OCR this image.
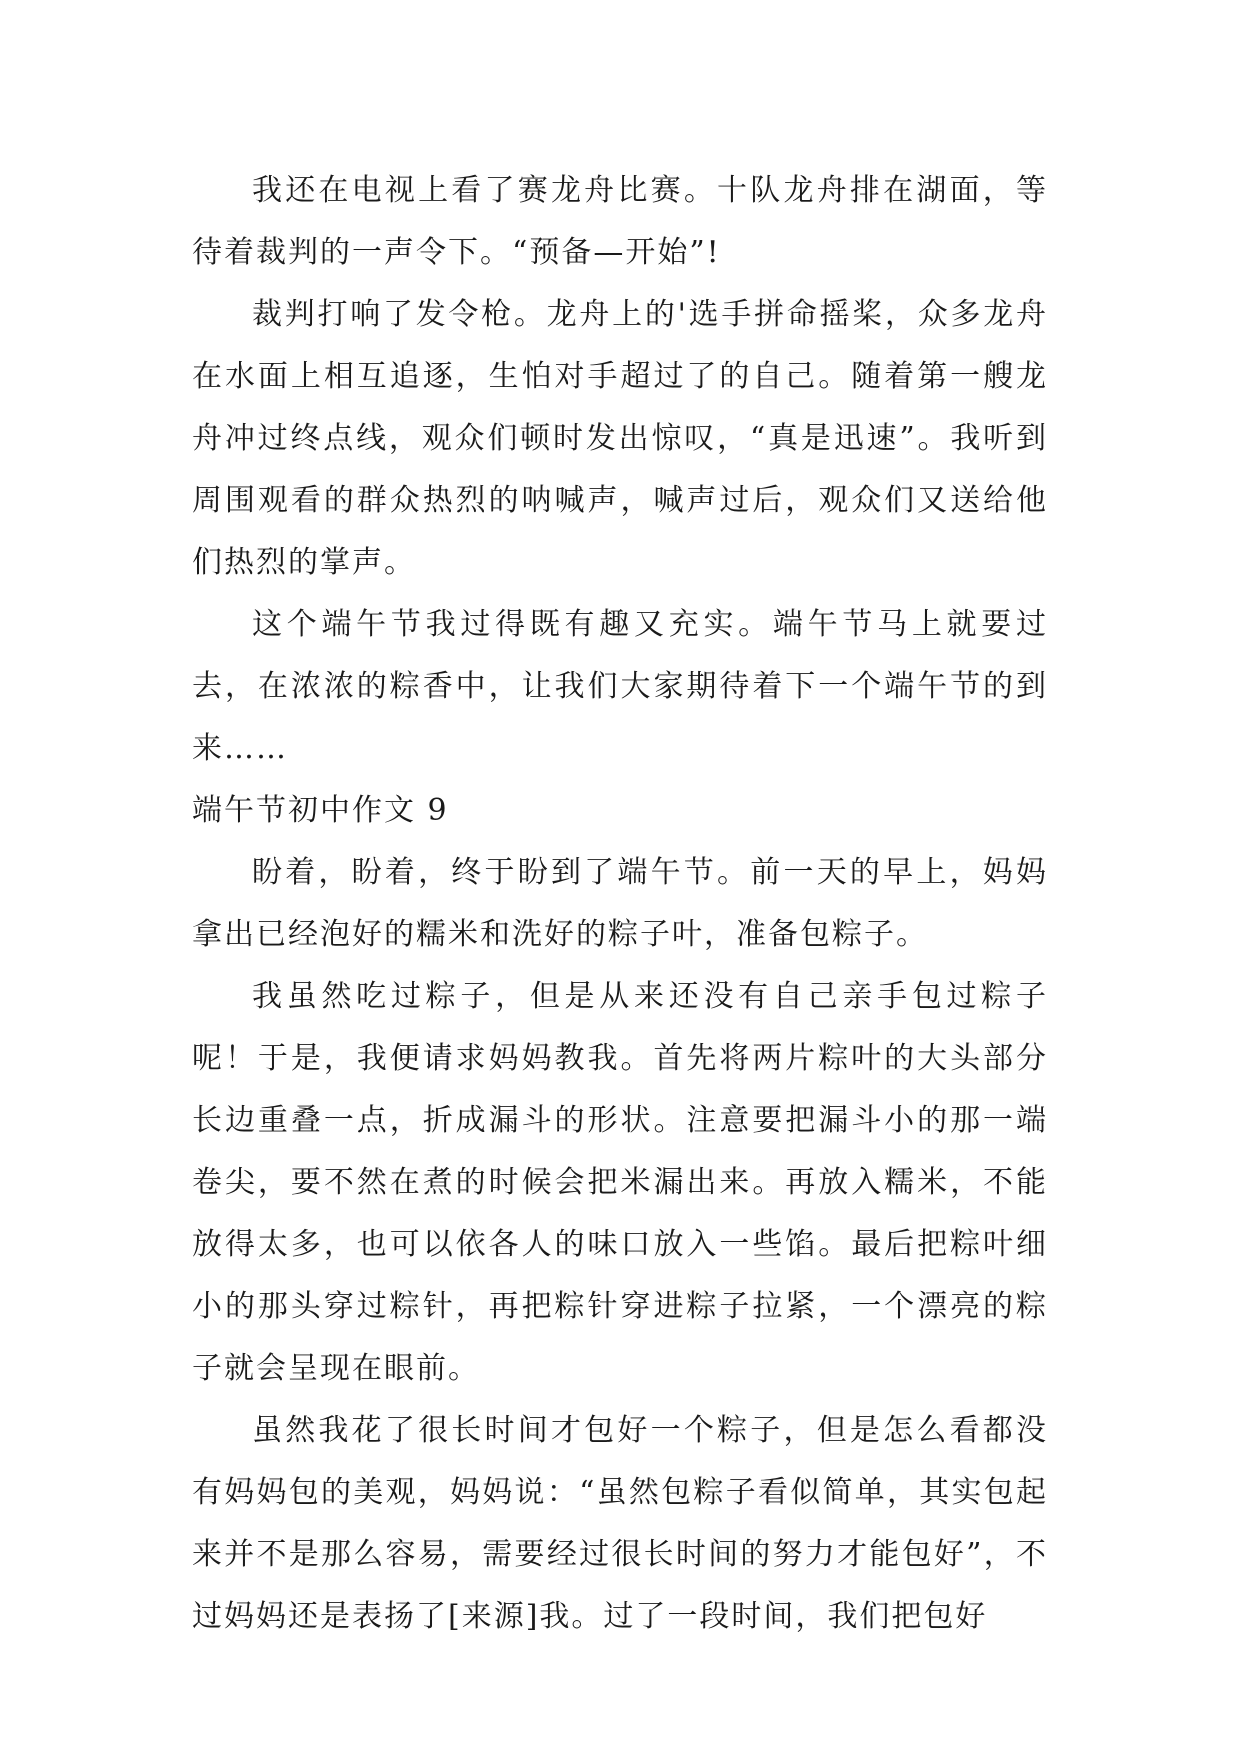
我还在电视上看了赛龙舟比赛。十队龙舟排在湖面，等待着裁判的一声令下。“预备—开始”!

裁判打响了发令枪。龙舟上的'选手拼命摇桨，众多龙舟在水面上相互追逐，生怕对手超过了的自己。随着第一艘龙舟冲过终点线，观众们顿时发出惊叹，“真是迅速”。我听到周围观看的群众热烈的呐喊声，喊声过后，观众们又送给他们热烈的掌声。

这个端午节我过得既有趣又充实。端午节马上就要过去，在浓浓的粽香中，让我们大家期待着下一个端午节的到来……

端午节初中作文 9

盼着，盼着，终于盼到了端午节。前一天的早上，妈妈拿出已经泡好的糯米和洗好的粽子叶，准备包粽子。

我虽然吃过粽子，但是从来还没有自己亲手包过粽子呢！于是，我便请求妈妈教我。首先将两片粽叶的大头部分长边重叠一点，折成漏斗的形状。注意要把漏斗小的那一端卷尖，要不然在煮的时候会把米漏出来。再放入糯米，不能放得太多，也可以依各人的味口放入一些馅。最后把粽叶细小的那头穿过粽针，再把粽针穿进粽子拉紧，一个漂亮的粽子就会呈现在眼前。

虽然我花了很长时间才包好一个粽子，但是怎么看都没有妈妈包的美观，妈妈说：“虽然包粽子看似简单，其实包起来并不是那么容易，需要经过很长时间的努力才能包好”，不过妈妈还是表扬了[来源]我。过了一段时间，我们把包好
